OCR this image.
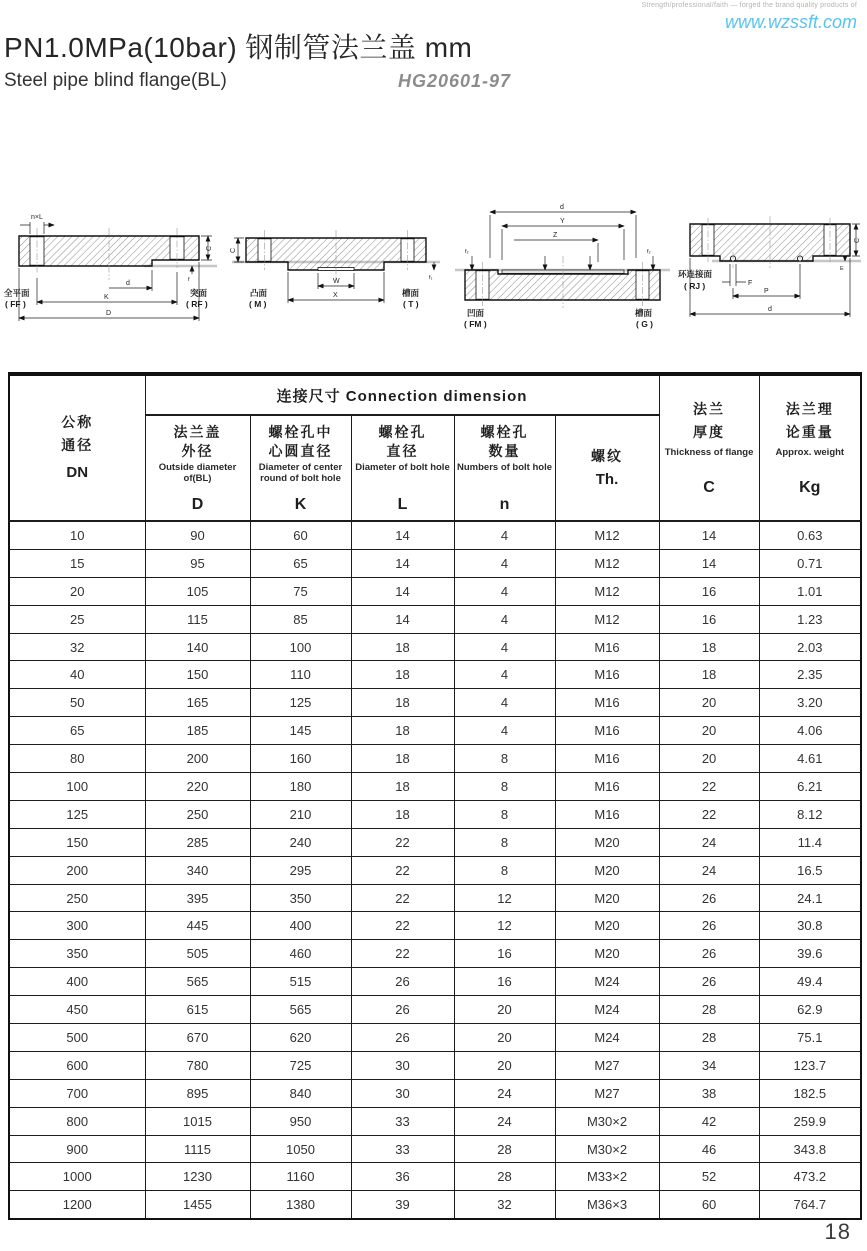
Strength/professional/faith — forged the brand quality products of
www.wzssft.com
PN1.0MPa(10bar) 钢制管法兰盖 mm
Steel pipe blind flange(BL)	HG20601-97
n×L
C
f
d
K
D
全平面
( FF )
突面
( RF )
C
f₁
W
X
凸面
( M )
槽面
( T )
d
Y
Z
f₂	f₂
凹面
( FM )
槽面
( G )
C
E
F
P
d
环连接面
( RJ )
公称
通径
DN
	连接尺寸 Connection dimension	
法兰
厚度
Thickness of flange
C

法兰理
论重量
Approx. weight
Kg

法兰盖
外径
Outside diameter of(BL)
D

螺栓孔中
心圆直径
Diameter of center round of bolt hole
K

螺栓孔
直径
Diameter of bolt hole
L

螺栓孔
数量
Numbers of bolt hole
n

螺纹
Th.

10	90	60	14	4	M12	14	0.63
15	95	65	14	4	M12	14	0.71
20	105	75	14	4	M12	16	1.01
25	115	85	14	4	M12	16	1.23
32	140	100	18	4	M16	18	2.03
40	150	110	18	4	M16	18	2.35
50	165	125	18	4	M16	20	3.20
65	185	145	18	4	M16	20	4.06
80	200	160	18	8	M16	20	4.61
100	220	180	18	8	M16	22	6.21
125	250	210	18	8	M16	22	8.12
150	285	240	22	8	M20	24	11.4
200	340	295	22	8	M20	24	16.5
250	395	350	22	12	M20	26	24.1
300	445	400	22	12	M20	26	30.8
350	505	460	22	16	M20	26	39.6
400	565	515	26	16	M24	26	49.4
450	615	565	26	20	M24	28	62.9
500	670	620	26	20	M24	28	75.1
600	780	725	30	20	M27	34	123.7
700	895	840	30	24	M27	38	182.5
800	1015	950	33	24	M30×2	42	259.9
900	1115	1050	33	28	M30×2	46	343.8
1000	1230	1160	36	28	M33×2	52	473.2
1200	1455	1380	39	32	M36×3	60	764.7
18
